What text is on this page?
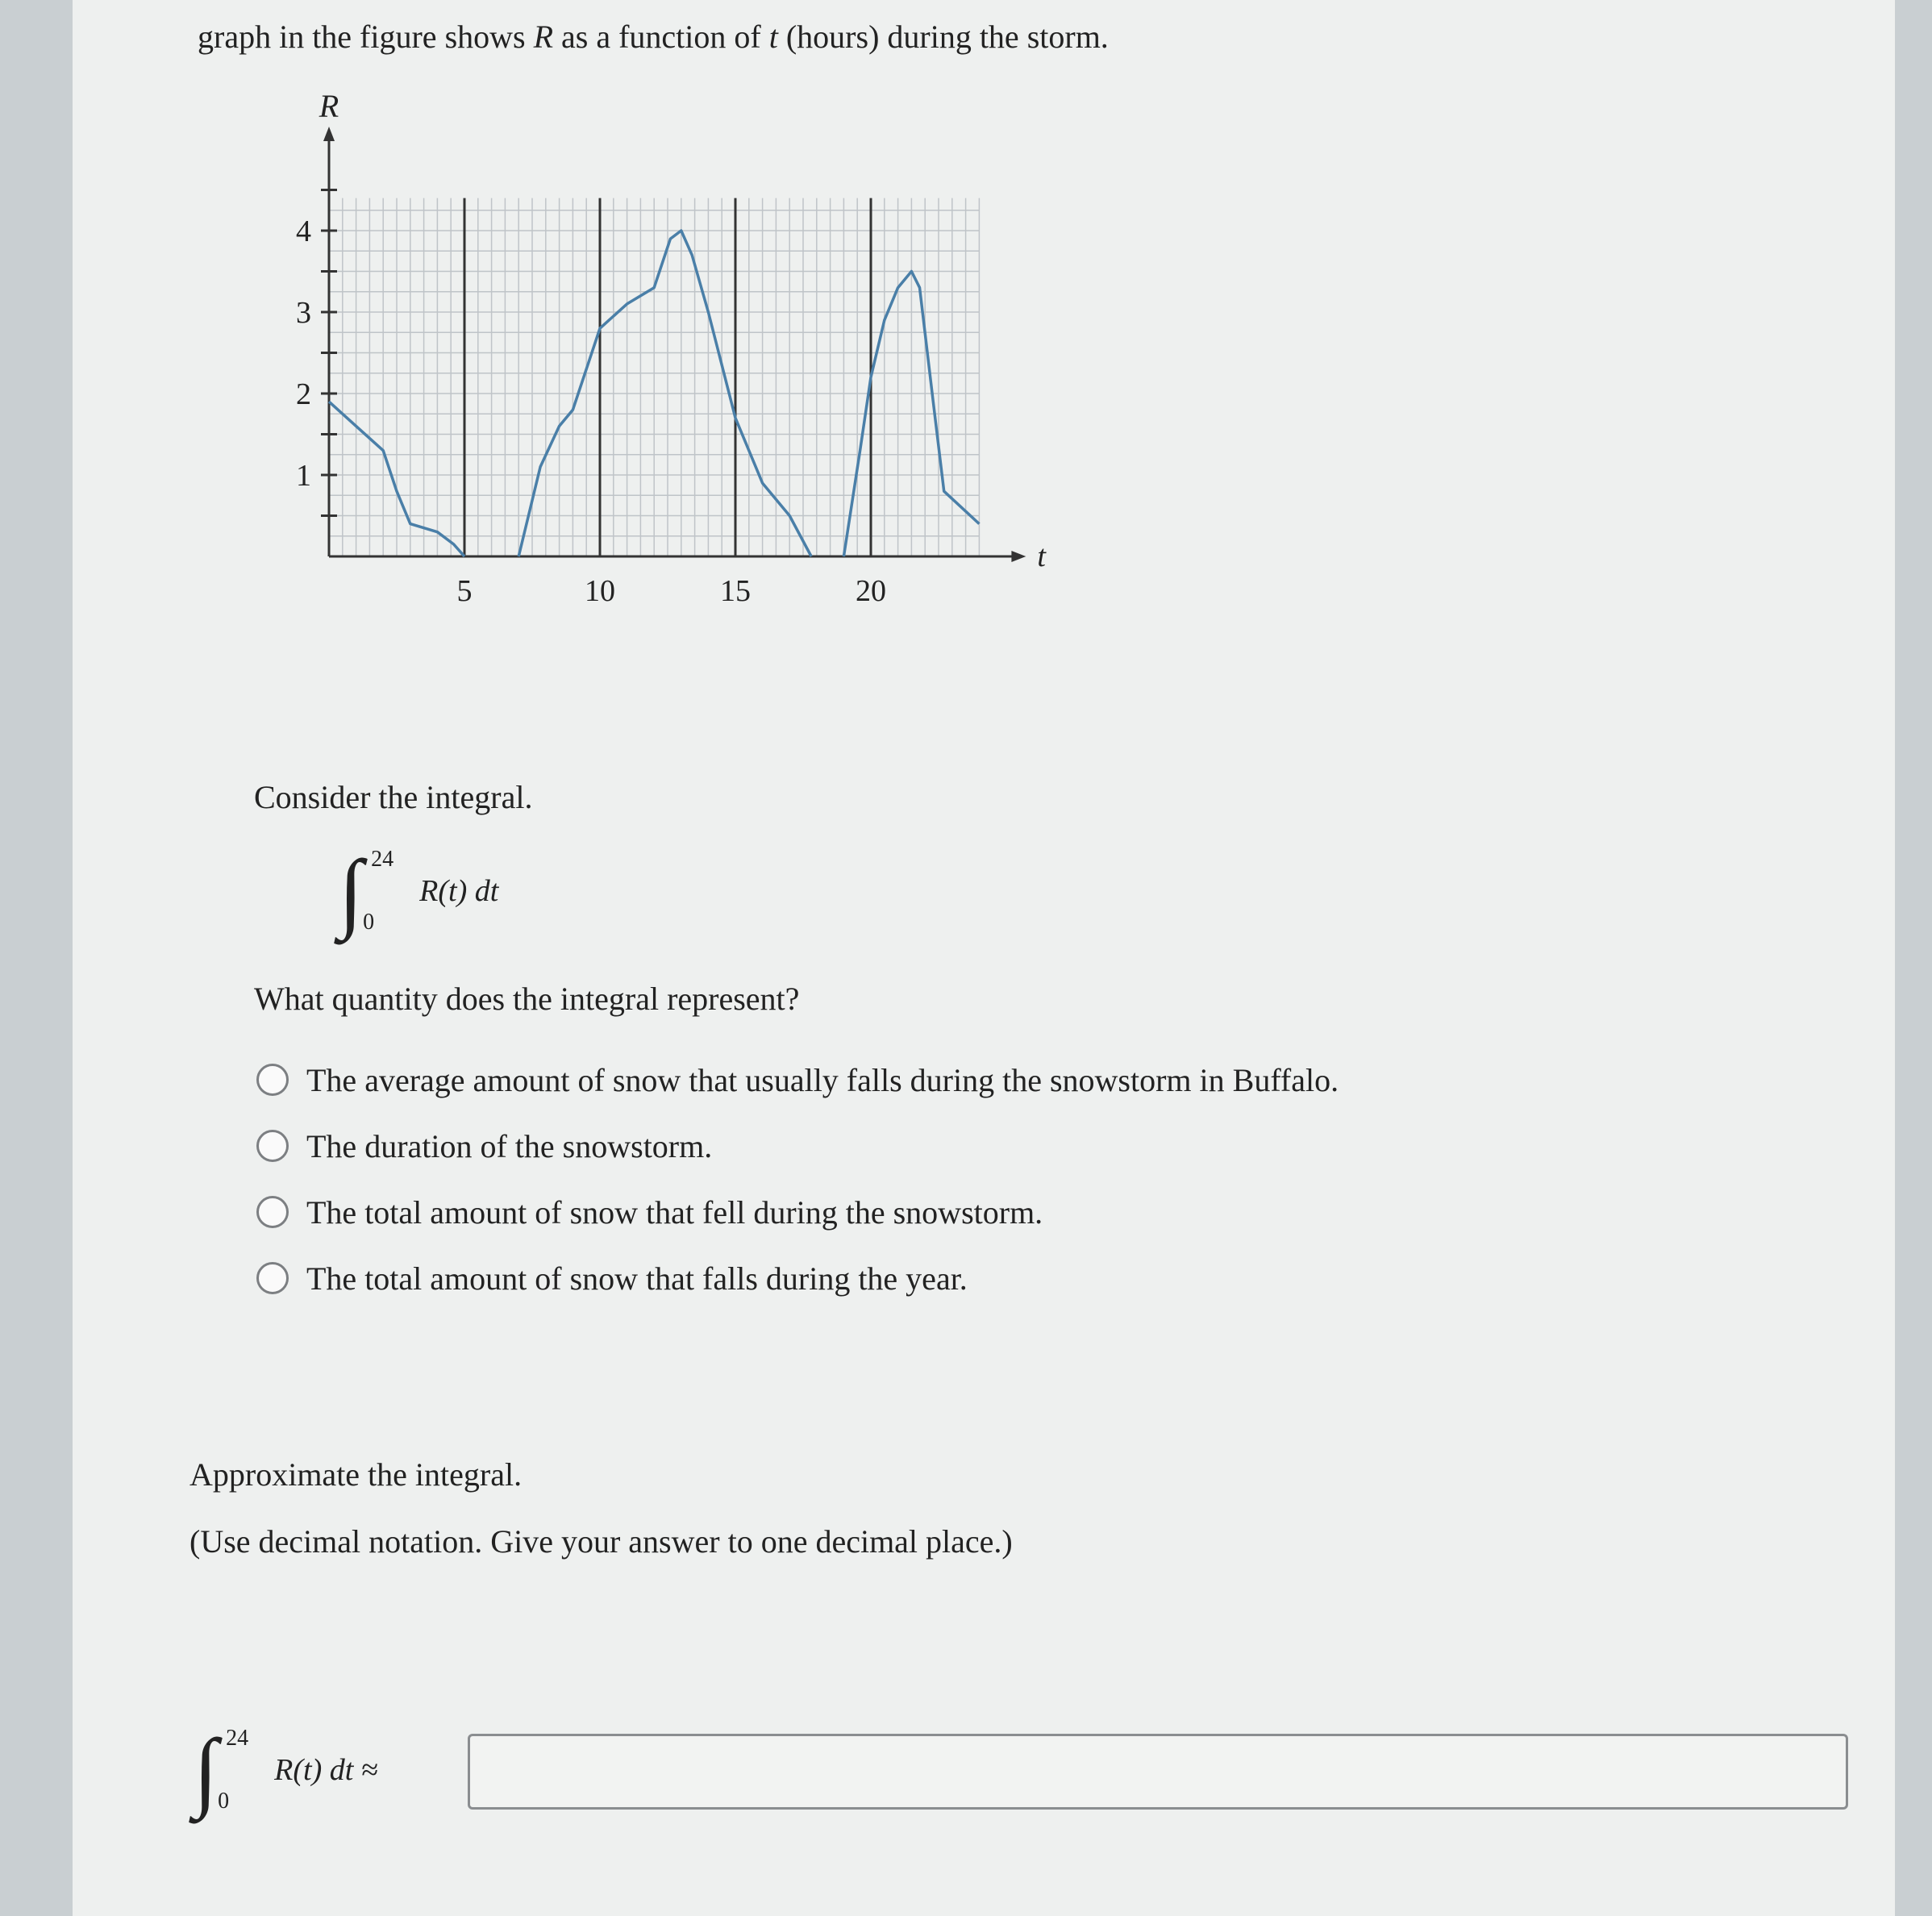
graph in the figure shows R as a function of t (hours) during the storm.

5	10	15	20
1
2
3
4
t
R

Consider the integral.

∫ 24
0
R(t) dt

What quantity does the integral represent?

The average amount of snow that usually falls during the snowstorm in Buffalo.
The duration of the snowstorm.
The total amount of snow that fell during the snowstorm.
The total amount of snow that falls during the year.

Approximate the integral.

(Use decimal notation. Give your answer to one decimal place.)

∫ 24
0
R(t) dt ≈
